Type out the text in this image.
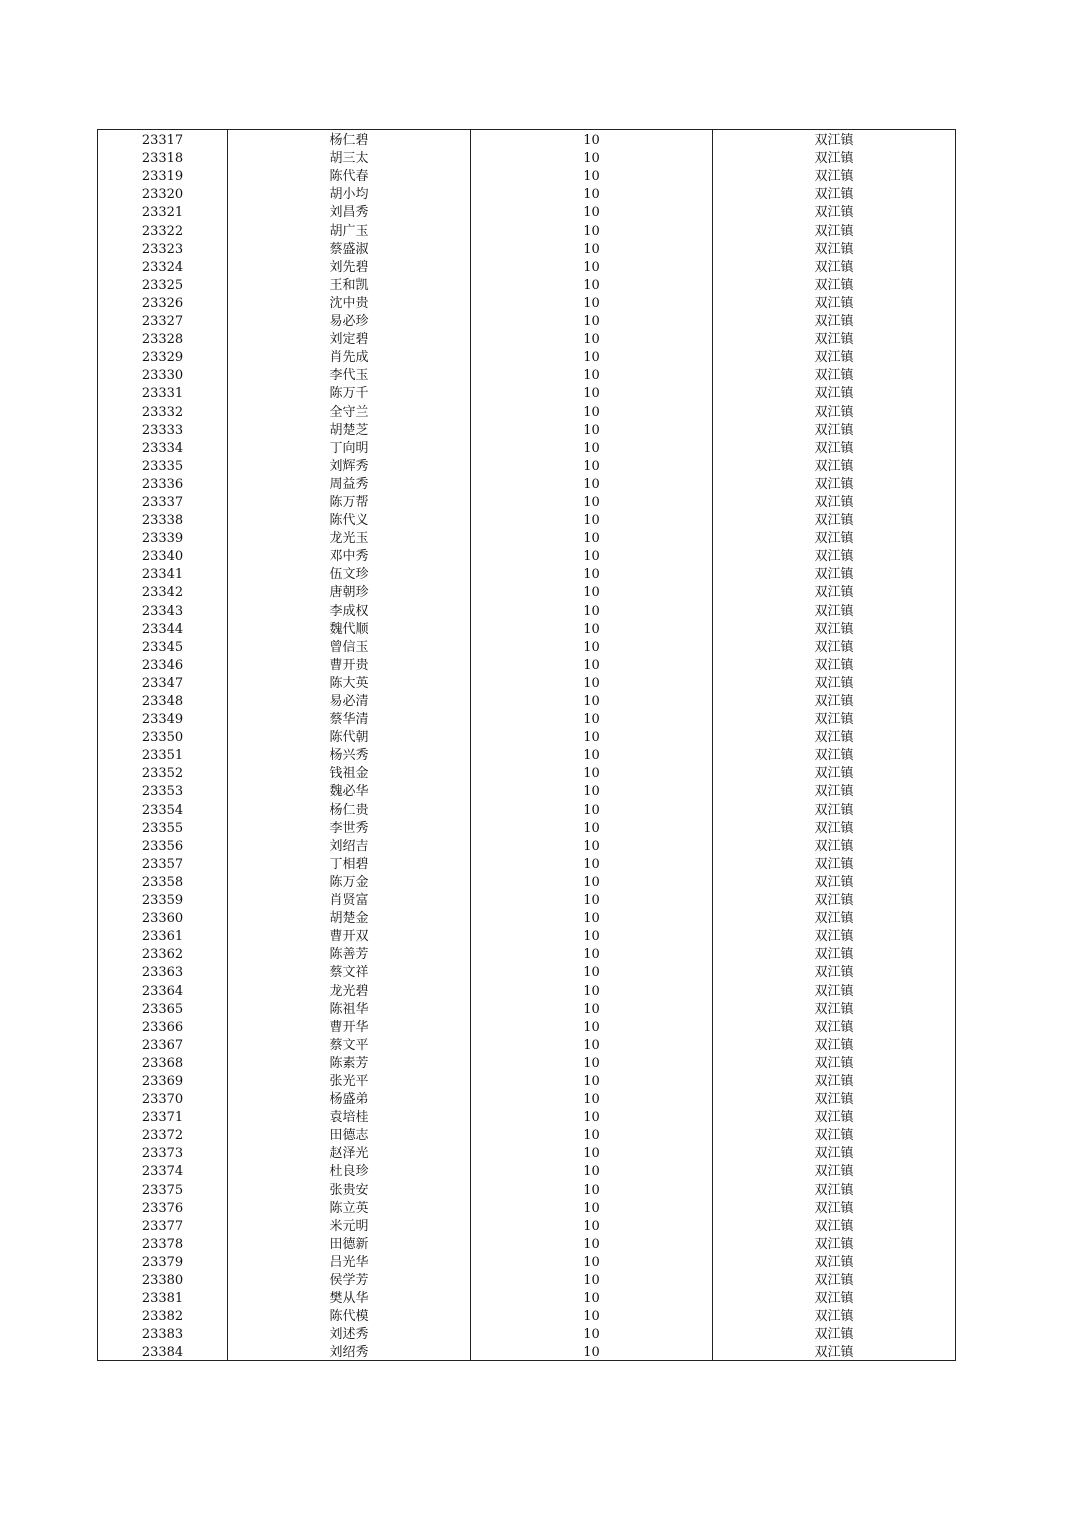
23317	杨仁碧	10	双江镇
23318	胡三太	10	双江镇
23319	陈代春	10	双江镇
23320	胡小均	10	双江镇
23321	刘昌秀	10	双江镇
23322	胡广玉	10	双江镇
23323	蔡盛淑	10	双江镇
23324	刘先碧	10	双江镇
23325	王和凯	10	双江镇
23326	沈中贵	10	双江镇
23327	易必珍	10	双江镇
23328	刘定碧	10	双江镇
23329	肖先成	10	双江镇
23330	李代玉	10	双江镇
23331	陈万千	10	双江镇
23332	全守兰	10	双江镇
23333	胡楚芝	10	双江镇
23334	丁向明	10	双江镇
23335	刘辉秀	10	双江镇
23336	周益秀	10	双江镇
23337	陈万帮	10	双江镇
23338	陈代义	10	双江镇
23339	龙光玉	10	双江镇
23340	邓中秀	10	双江镇
23341	伍文珍	10	双江镇
23342	唐朝珍	10	双江镇
23343	李成权	10	双江镇
23344	魏代顺	10	双江镇
23345	曾信玉	10	双江镇
23346	曹开贵	10	双江镇
23347	陈大英	10	双江镇
23348	易必清	10	双江镇
23349	蔡华清	10	双江镇
23350	陈代朝	10	双江镇
23351	杨兴秀	10	双江镇
23352	钱祖金	10	双江镇
23353	魏必华	10	双江镇
23354	杨仁贵	10	双江镇
23355	李世秀	10	双江镇
23356	刘绍吉	10	双江镇
23357	丁相碧	10	双江镇
23358	陈万金	10	双江镇
23359	肖贤富	10	双江镇
23360	胡楚金	10	双江镇
23361	曹开双	10	双江镇
23362	陈善芳	10	双江镇
23363	蔡文祥	10	双江镇
23364	龙光碧	10	双江镇
23365	陈祖华	10	双江镇
23366	曹开华	10	双江镇
23367	蔡文平	10	双江镇
23368	陈素芳	10	双江镇
23369	张光平	10	双江镇
23370	杨盛弟	10	双江镇
23371	袁培桂	10	双江镇
23372	田德志	10	双江镇
23373	赵泽光	10	双江镇
23374	杜良珍	10	双江镇
23375	张贵安	10	双江镇
23376	陈立英	10	双江镇
23377	米元明	10	双江镇
23378	田德新	10	双江镇
23379	吕光华	10	双江镇
23380	侯学芳	10	双江镇
23381	樊从华	10	双江镇
23382	陈代模	10	双江镇
23383	刘述秀	10	双江镇
23384	刘绍秀	10	双江镇
